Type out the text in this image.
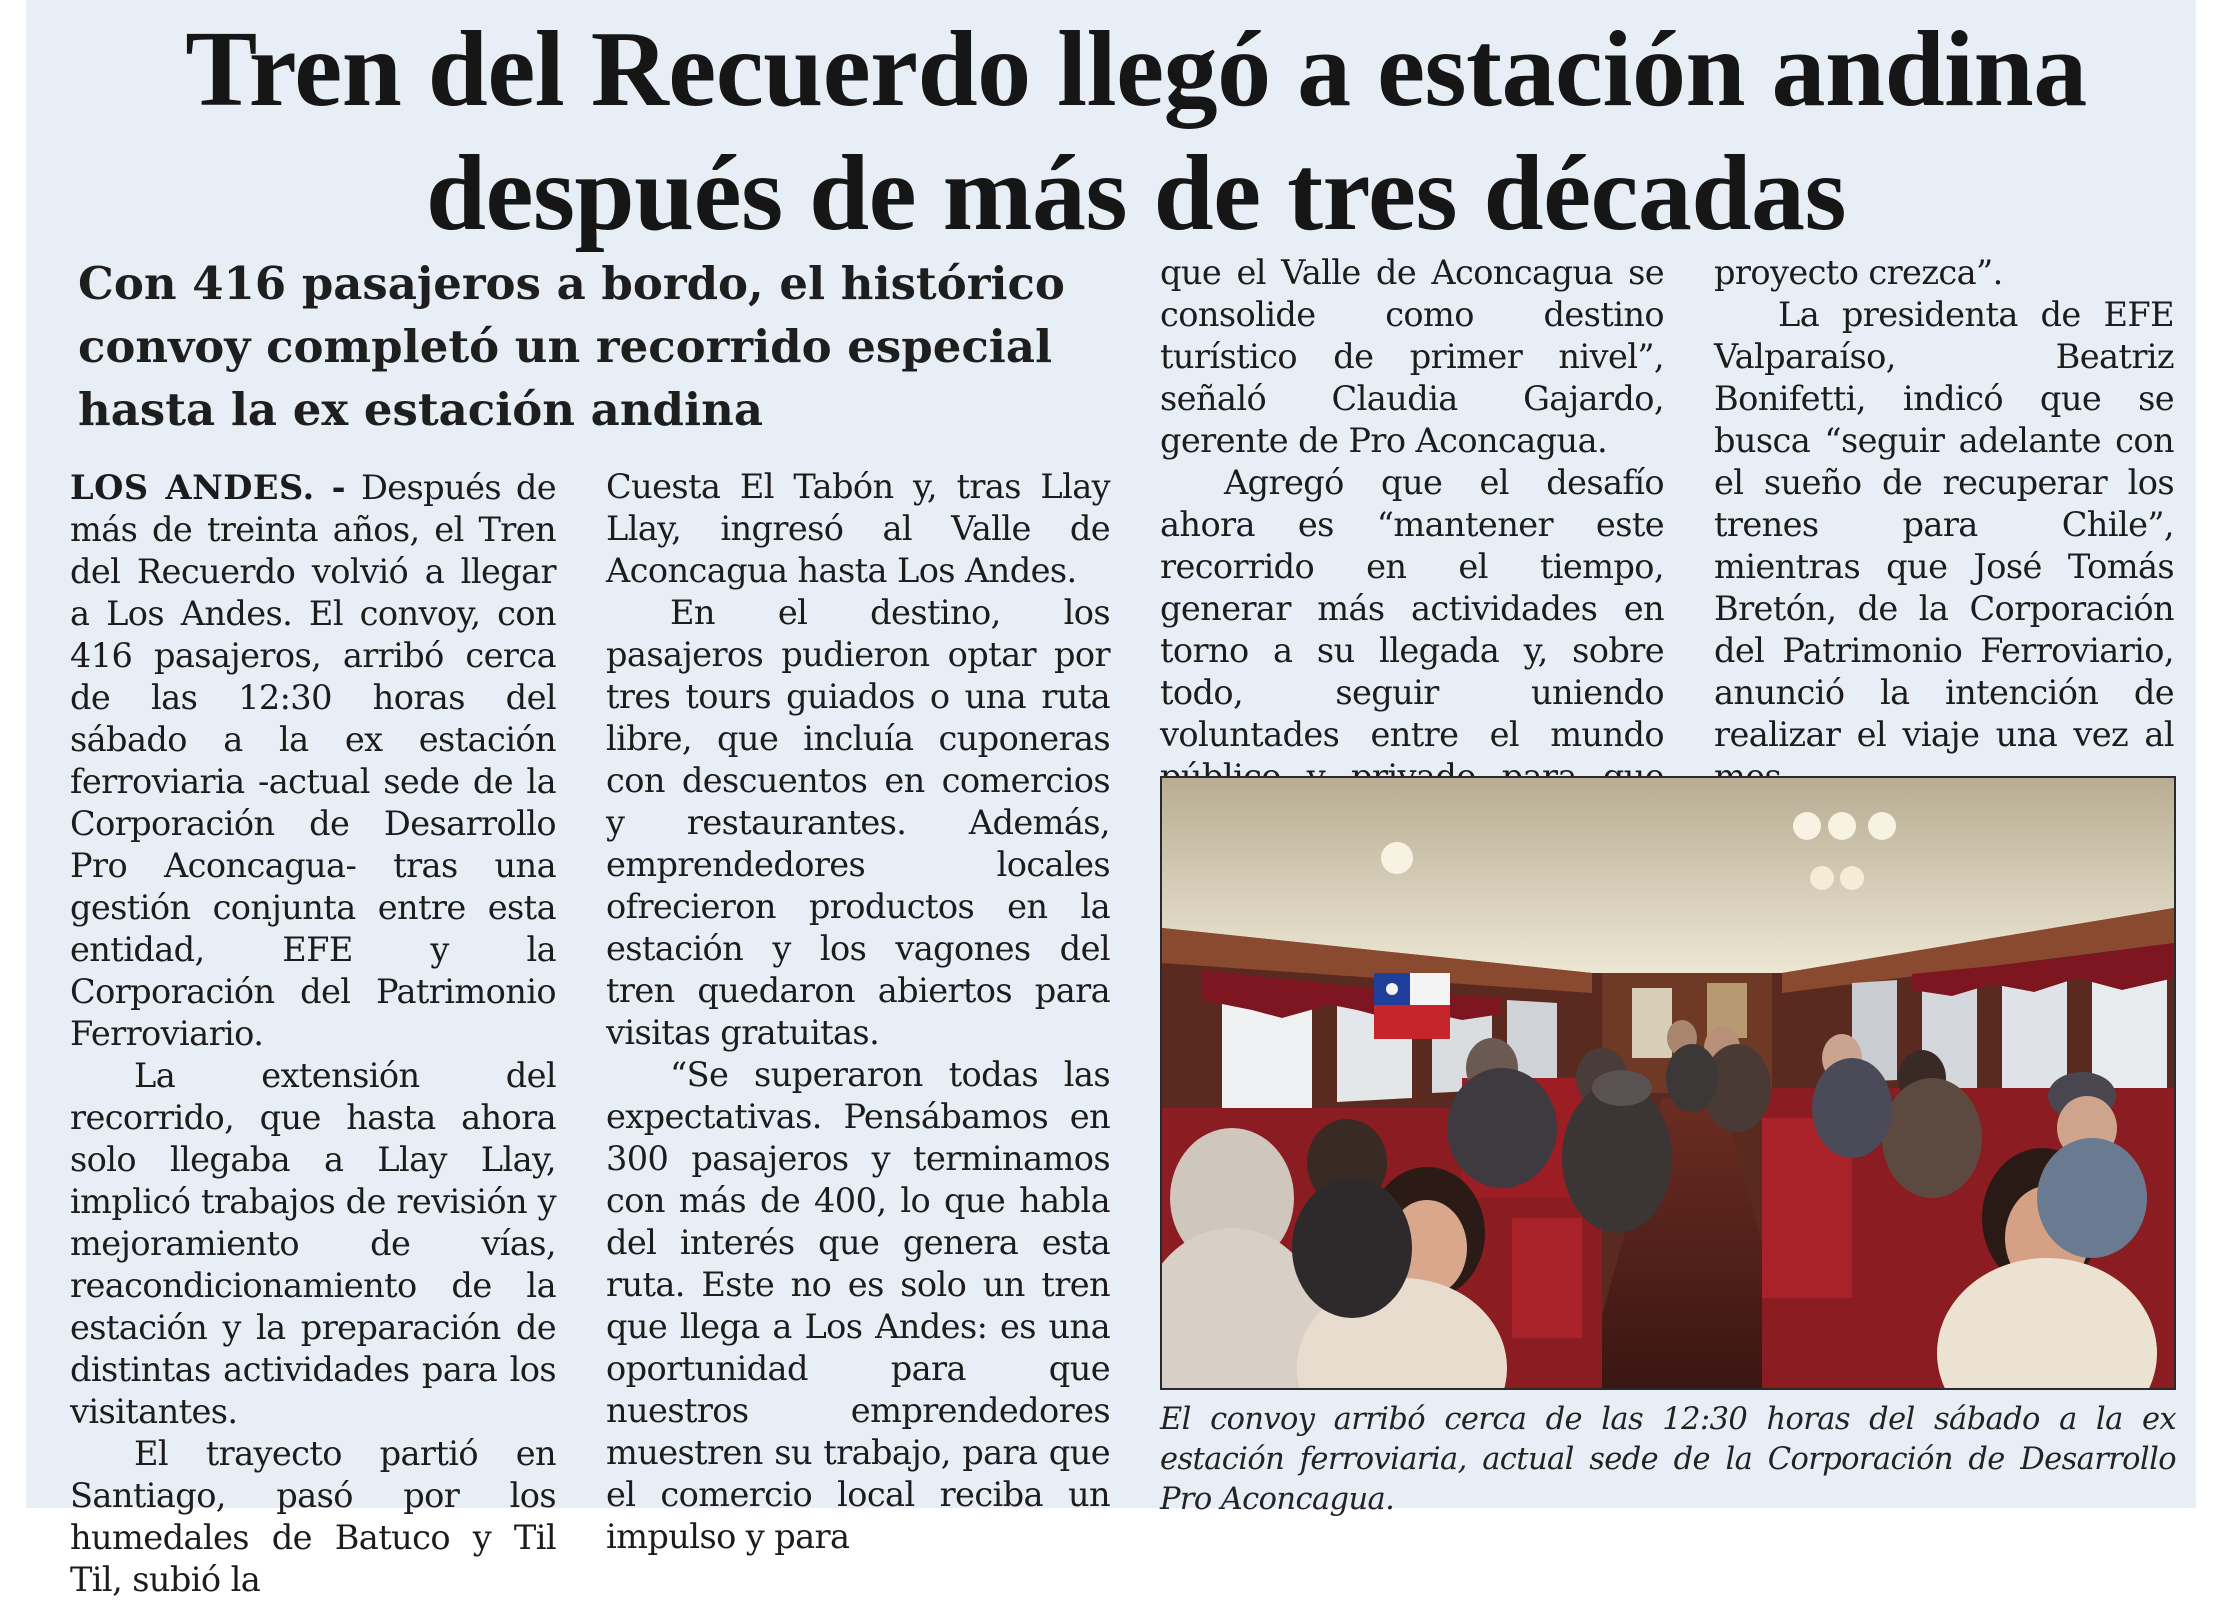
Tren del Recuerdo llegó a estación andina después de más de tres décadas
Con 416 pasajeros a bordo, el histórico convoy completó un recorrido especial hasta la ex estación andina

LOS ANDES. - Después de más de treinta años, el Tren del Recuerdo volvió a llegar a Los Andes. El convoy, con 416 pasajeros, arribó cerca de las 12:30 horas del sábado a la ex estación ferroviaria -actual sede de la Corporación de Desarrollo Pro Aconcagua- tras una gestión conjunta entre esta entidad, EFE y la Corporación del Patrimonio Ferroviario.

La extensión del recorrido, que hasta ahora solo llegaba a Llay Llay, implicó trabajos de revisión y mejoramiento de vías, reacondicionamiento de la estación y la preparación de distintas actividades para los visitantes.

El trayecto partió en Santiago, pasó por los humedales de Batuco y Til Til, subió la

Cuesta El Tabón y, tras Llay Llay, ingresó al Valle de Aconcagua hasta Los Andes.

En el destino, los pasajeros pudieron optar por tres tours guiados o una ruta libre, que incluía cuponeras con descuentos en comercios y restaurantes. Además, emprendedores locales ofrecieron productos en la estación y los vagones del tren quedaron abiertos para visitas gratuitas.

“Se superaron todas las expectativas. Pensábamos en 300 pasajeros y terminamos con más de 400, lo que habla del interés que genera esta ruta. Este no es solo un tren que llega a Los Andes: es una oportunidad para que nuestros emprendedores muestren su trabajo, para que el comercio local reciba un impulso y para

que el Valle de Aconcagua se consolide como destino turístico de primer nivel”, señaló Claudia Gajardo, gerente de Pro Aconcagua.

Agregó que el desafío ahora es “mantener este recorrido en el tiempo, generar más actividades en torno a su llegada y, sobre todo, seguir uniendo voluntades entre el mundo

proyecto crezca”.

La presidenta de EFE Valparaíso, Beatriz Bonifetti, indicó que se busca “seguir adelante con el sueño de recuperar los trenes para Chile”, mientras que José Tomás Bretón, de la Corporación del Patrimonio Ferroviario, anunció la intención de realizar el viaje una vez al

El convoy arribó cerca de las 12:30 horas del sábado a la ex estación ferroviaria, actual sede de la Corporación de Desarrollo Pro Aconcagua.
